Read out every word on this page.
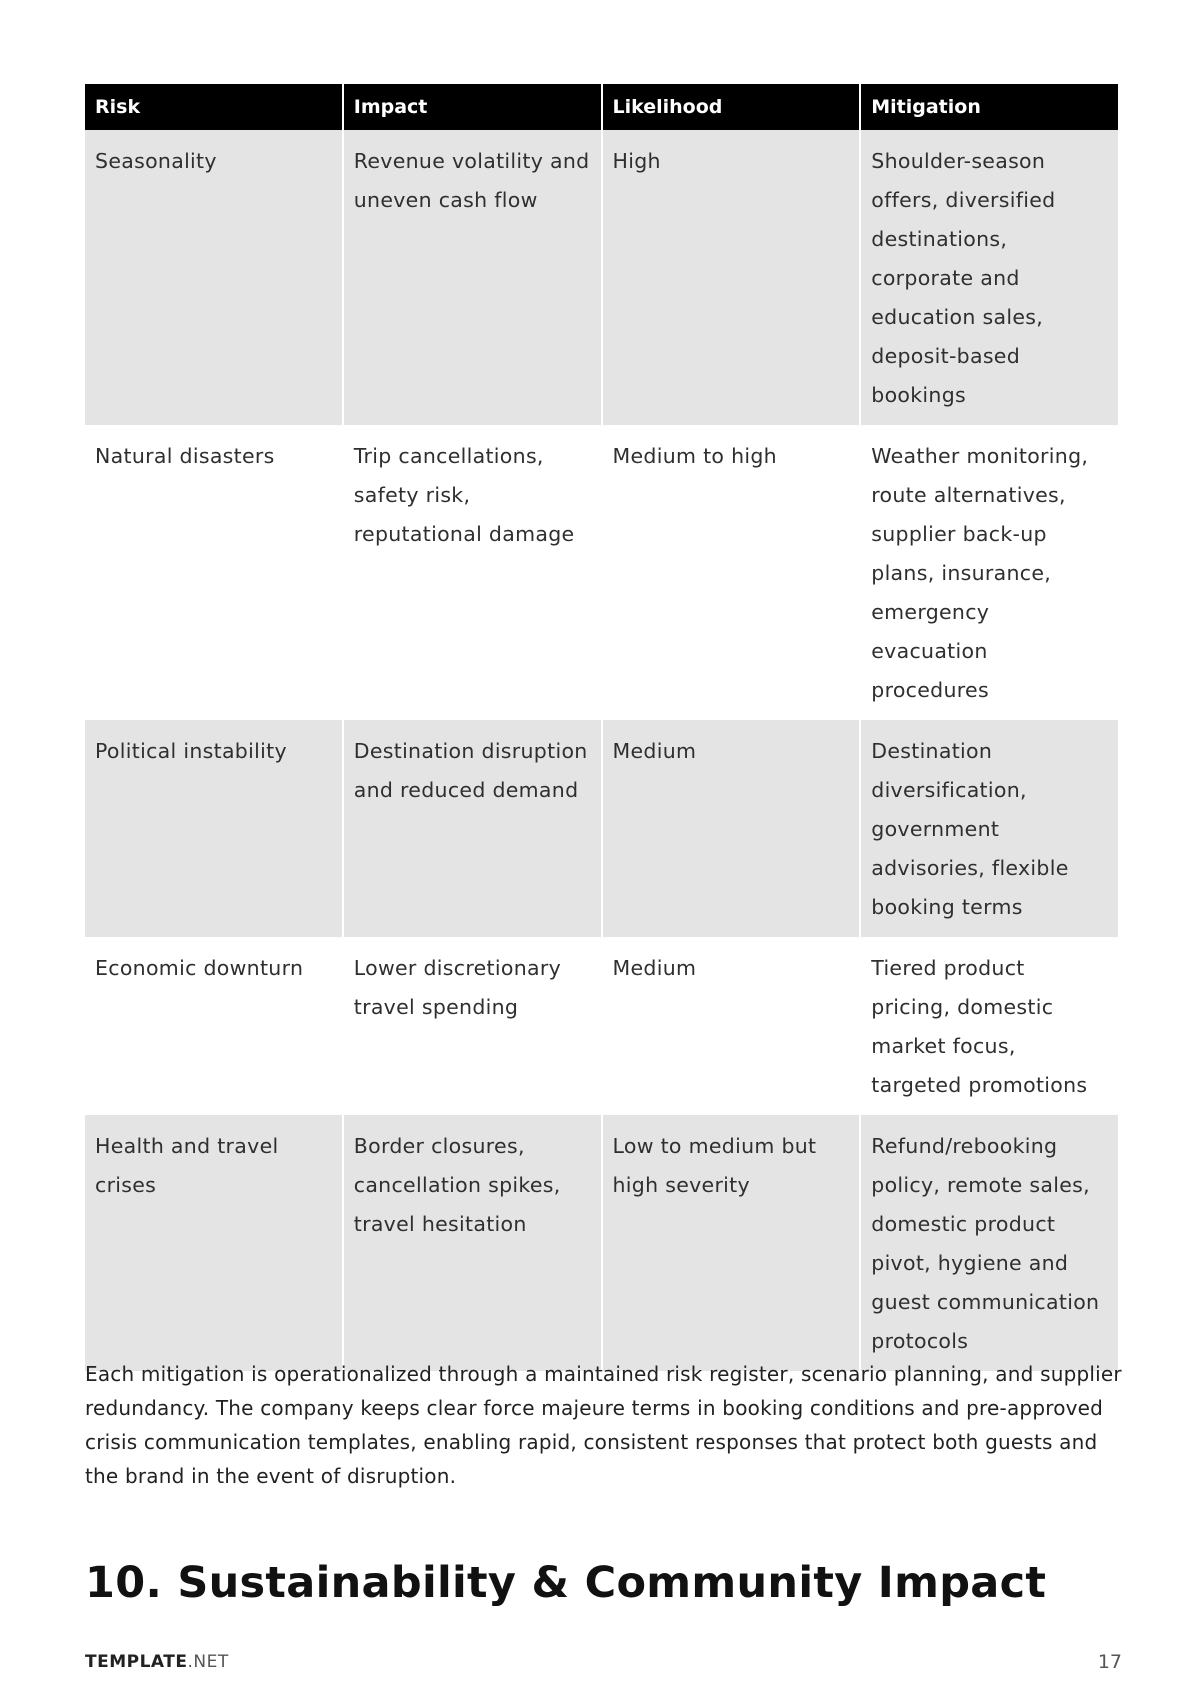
Risk	Impact	Likelihood	Mitigation
Seasonality	Revenue volatility and uneven cash flow	High	Shoulder-season offers, diversified destinations, corporate and education sales, deposit-based bookings
Natural disasters	Trip cancellations, safety risk, reputational damage	Medium to high	Weather monitoring, route alternatives, supplier back-up plans, insurance, emergency evacuation procedures
Political instability	Destination disruption and reduced demand	Medium	Destination diversification, government advisories, flexible booking terms
Economic downturn	Lower discretionary travel spending	Medium	Tiered product pricing, domestic market focus, targeted promotions
Health and travel crises	Border closures, cancellation spikes, travel hesitation	Low to medium but high severity	Refund/rebooking policy, remote sales, domestic product pivot, hygiene and guest communication protocols

Each mitigation is operationalized through a maintained risk register, scenario planning, and supplier redundancy. The company keeps clear force majeure terms in booking conditions and pre-approved crisis communication templates, enabling rapid, consistent responses that protect both guests and the brand in the event of disruption.

10. Sustainability & Community Impact
TEMPLATE.NET	17
